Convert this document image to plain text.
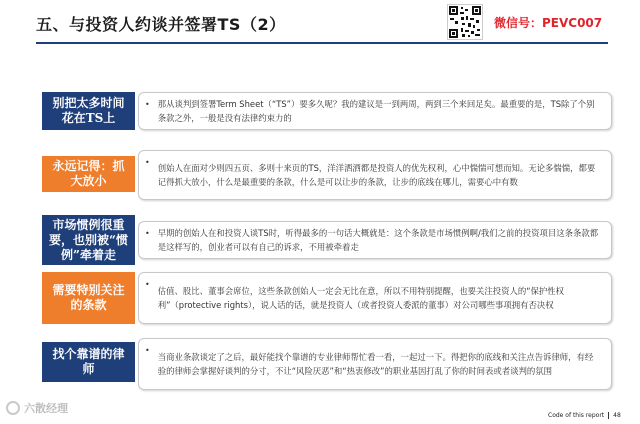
五、与投资人约谈并签署TS（2）	微信号：PEVC007
别把太多时间花在TS上
• 那从谈判到签署Term Sheet（“TS”）要多久呢？我的建议是一到两周，两到三个来回足矣。最重要的是，TS除了个别条款之外，一般是没有法律约束力的
永远记得：抓大放小
•
创始人在面对少则四五页、多则十来页的TS，洋洋洒洒都是投资人的优先权利，心中惴惴可想而知。无论多惴惴，都要记得抓大放小，什么是最重要的条款，什么是可以让步的条款，让步的底线在哪儿，需要心中有数
市场惯例很重要，也别被“惯例”牵着走
• 早期的创始人在和投资人谈TS时，听得最多的一句话大概就是：这个条款是市场惯例啊/我们之前的投资项目这条条款都是这样写的，创业者可以有自己的诉求，不用被牵着走
需要特别关注的条款
•
估值、股比、董事会席位，这些条款创始人一定会无比在意，所以不用特别提醒，也要关注投资人的“保护性权利”（protective rights），说人话的话，就是投资人（或者投资人委派的董事）对公司哪些事项拥有否决权
找个靠谱的律师
•
当商业条款谈定了之后，最好能找个靠谱的专业律师帮忙看一看，一起过一下。得把你的底线和关注点告诉律师，有经验的律师会掌握好谈判的分寸，不让“风险厌恶”和“热衷修改”的职业基因打乱了你的时间表或者谈判的氛围
六散经理
Code of this report 48
